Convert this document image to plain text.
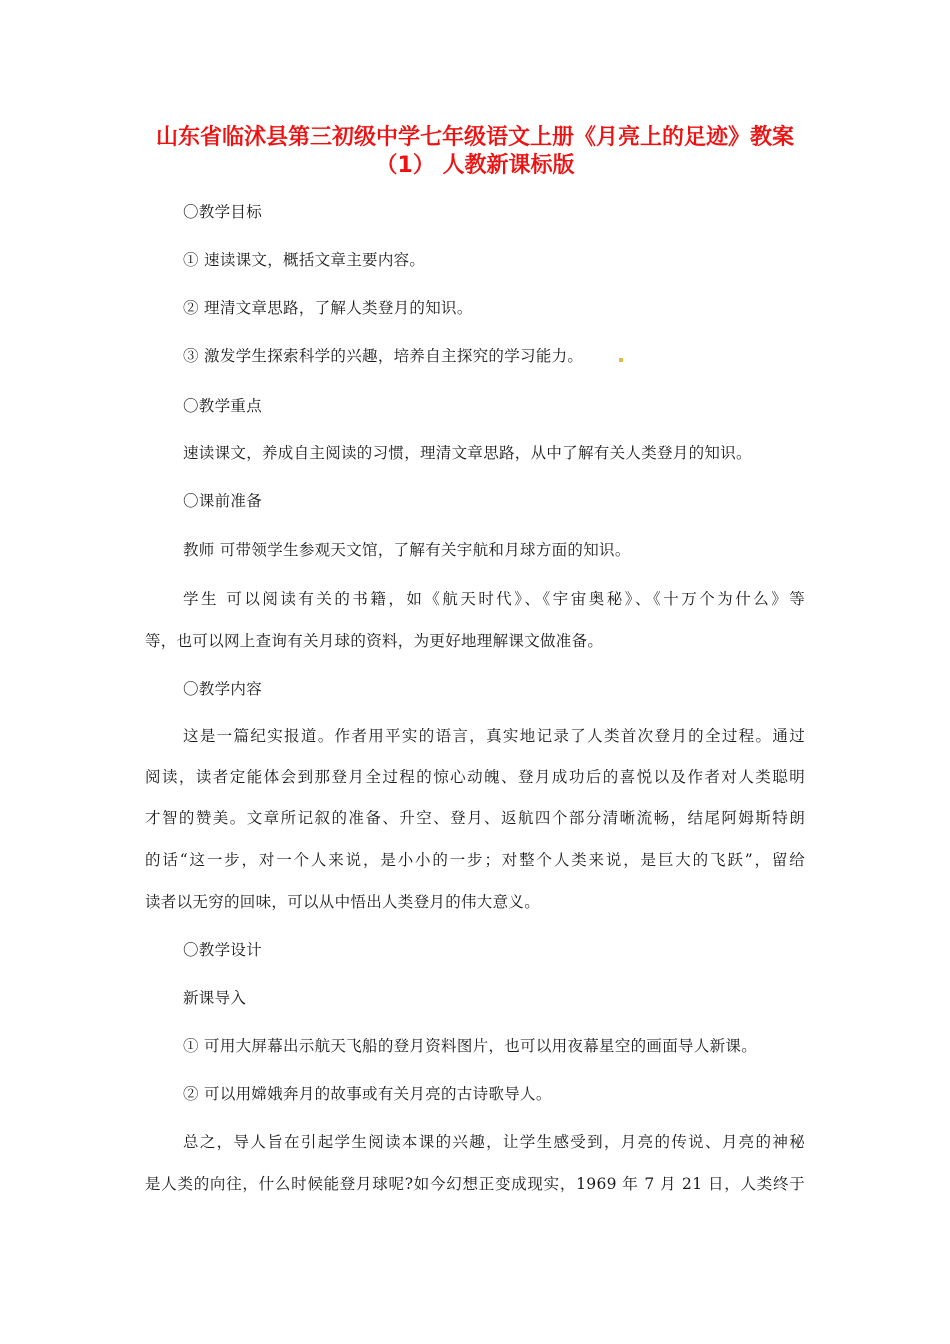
山东省临沭县第三初级中学七年级语文上册《月亮上的足迹》教案
（1） 人教新课标版
〇教学目标
① 速读课文，概括文章主要内容。
② 理清文章思路，了解人类登月的知识。
③ 激发学生探索科学的兴趣，培养自主探究的学习能力。
〇教学重点
速读课文，养成自主阅读的习惯，理清文章思路，从中了解有关人类登月的知识。
〇课前准备
教师 可带领学生参观天文馆，了解有关宇航和月球方面的知识。
学生 可以阅读有关的书籍，如《航天时代》、《宇宙奥秘》、《十万个为什么》等
等，也可以网上查询有关月球的资料，为更好地理解课文做准备。
〇教学内容
这是一篇纪实报道。作者用平实的语言，真实地记录了人类首次登月的全过程。通过
阅读，读者定能体会到那登月全过程的惊心动魄、登月成功后的喜悦以及作者对人类聪明
才智的赞美。文章所记叙的准备、升空、登月、返航四个部分清晰流畅，结尾阿姆斯特朗
的话“这一步，对一个人来说，是小小的一步；对整个人类来说，是巨大的飞跃”，留给
读者以无穷的回味，可以从中悟出人类登月的伟大意义。
〇教学设计
新课导入
① 可用大屏幕出示航天飞船的登月资料图片，也可以用夜幕星空的画面导人新课。
② 可以用嫦娥奔月的故事或有关月亮的古诗歌导人。
总之，导人旨在引起学生阅读本课的兴趣，让学生感受到，月亮的传说、月亮的神秘
是人类的向往，什么时候能登月球呢?如今幻想正变成现实，1969 年 7 月 21 日，人类终于
